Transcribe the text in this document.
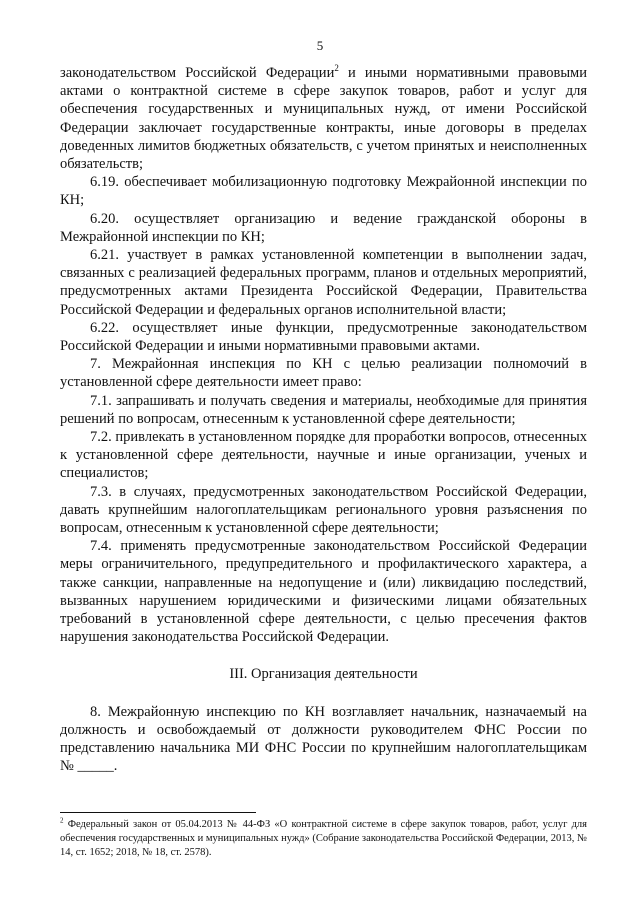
5

законодательством Российской Федерации$^2$ и иными нормативными правовыми актами о контрактной системе в сфере закупок товаров, работ и услуг для обеспечения государственных и муниципальных нужд, от имени Российской Федерации заключает государственные контракты, иные договоры в пределах доведенных лимитов бюджетных обязательств, с учетом принятых и неисполненных обязательств;

6.19. обеспечивает мобилизационную подготовку Межрайонной инспекции по КН;

6.20. осуществляет организацию и ведение гражданской обороны в Межрайонной инспекции по КН;

6.21. участвует в рамках установленной компетенции в выполнении задач, связанных с реализацией федеральных программ, планов и отдельных мероприятий, предусмотренных актами Президента Российской Федерации, Правительства Российской Федерации и федеральных органов исполнительной власти;

6.22. осуществляет иные функции, предусмотренные законодательством Российской Федерации и иными нормативными правовыми актами.

7. Межрайонная инспекция по КН с целью реализации полномочий в установленной сфере деятельности имеет право:

7.1. запрашивать и получать сведения и материалы, необходимые для принятия решений по вопросам, отнесенным к установленной сфере деятельности;

7.2. привлекать в установленном порядке для проработки вопросов, отнесенных к установленной сфере деятельности, научные и иные организации, ученых и специалистов;

7.3. в случаях, предусмотренных законодательством Российской Федерации, давать крупнейшим налогоплательщикам регионального уровня разъяснения по вопросам, отнесенным к установленной сфере деятельности;

7.4. применять предусмотренные законодательством Российской Федерации меры ограничительного, предупредительного и профилактического характера, а также санкции, направленные на недопущение и (или) ликвидацию последствий, вызванных нарушением юридическими и физическими лицами обязательных требований в установленной сфере деятельности, с целью пресечения фактов нарушения законодательства Российской Федерации.

III. Организация деятельности

8. Межрайонную инспекцию по КН возглавляет начальник, назначаемый на должность и освобождаемый от должности руководителем ФНС России по представлению начальника МИ ФНС России по крупнейшим налогоплательщикам № _____.

$^2$ Федеральный закон от 05.04.2013 № 44-ФЗ «О контрактной системе в сфере закупок товаров, работ, услуг для обеспечения государственных и муниципальных нужд» (Собрание законодательства Российской Федерации, 2013, № 14, ст. 1652; 2018, № 18, ст. 2578).
